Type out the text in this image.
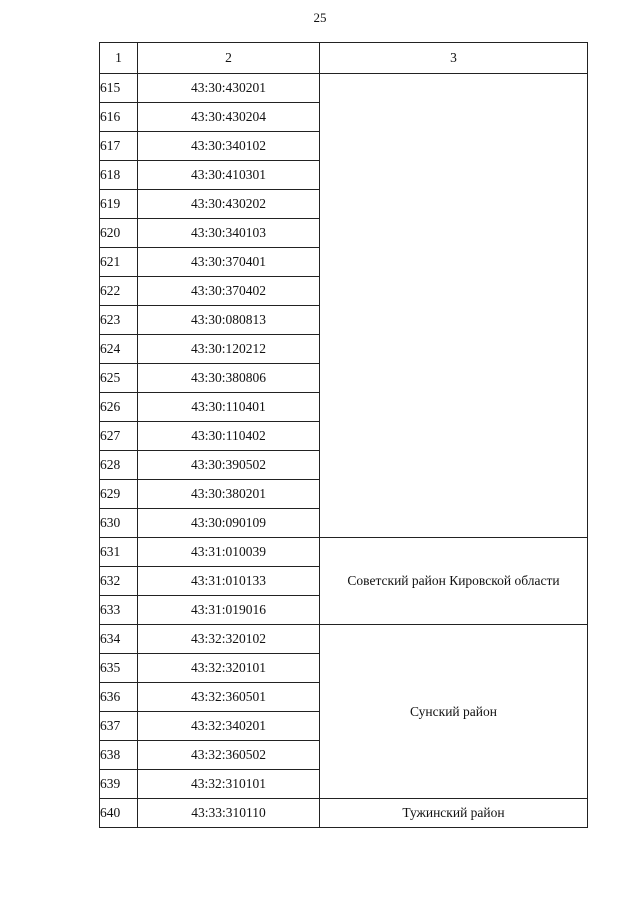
25
1	2	3
615	43:30:430201	
616	43:30:430204	
617	43:30:340102	
618	43:30:410301	
619	43:30:430202	
620	43:30:340103	
621	43:30:370401	
622	43:30:370402	
623	43:30:080813	
624	43:30:120212	
625	43:30:380806	
626	43:30:110401	
627	43:30:110402	
628	43:30:390502	
629	43:30:380201	
630	43:30:090109	
631	43:31:010039	Советский район Кировской области
632	43:31:010133	
633	43:31:019016	
634	43:32:320102	Сунский район
635	43:32:320101	
636	43:32:360501	
637	43:32:340201	
638	43:32:360502	
639	43:32:310101	
640	43:33:310110	Тужинский район
